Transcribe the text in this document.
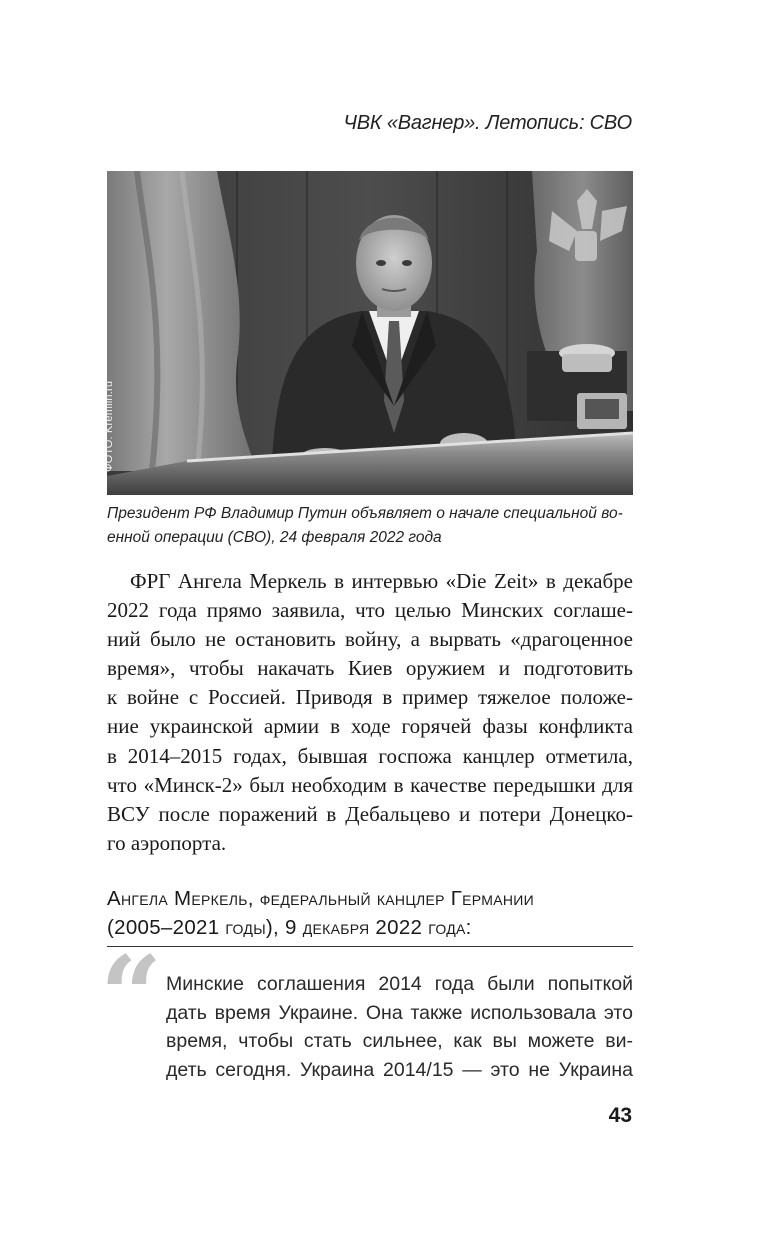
ЧВК «Вагнер». Летопись: СВО
ФОТО: Kremlin.ru
Президент РФ Владимир Путин объявляет о начале специальной во-
енной операции (СВО), 24 февраля 2022 года
ФРГ Ангела Меркель в интервью «Die Zeit» в декабре
2022 года прямо заявила, что целью Минских соглаше-
ний было не остановить войну, а вырвать «драгоценное
время», чтобы накачать Киев оружием и подготовить
к войне с Россией. Приводя в пример тяжелое положе-
ние украинской армии в ходе горячей фазы конфликта
в 2014–2015 годах, бывшая госпожа канцлер отметила,
что «Минск-2» был необходим в качестве передышки для
ВСУ после поражений в Дебальцево и потери Донецко-
го аэропорта.
Ангела Меркель, федеральный канцлер Германии
(2005–2021 годы), 9 декабря 2022 года:
“ Минские соглашения 2014 года были попыткой
дать время Украине. Она также использовала это
время, чтобы стать сильнее, как вы можете ви-
деть сегодня. Украина 2014/15 — это не Украина
43
